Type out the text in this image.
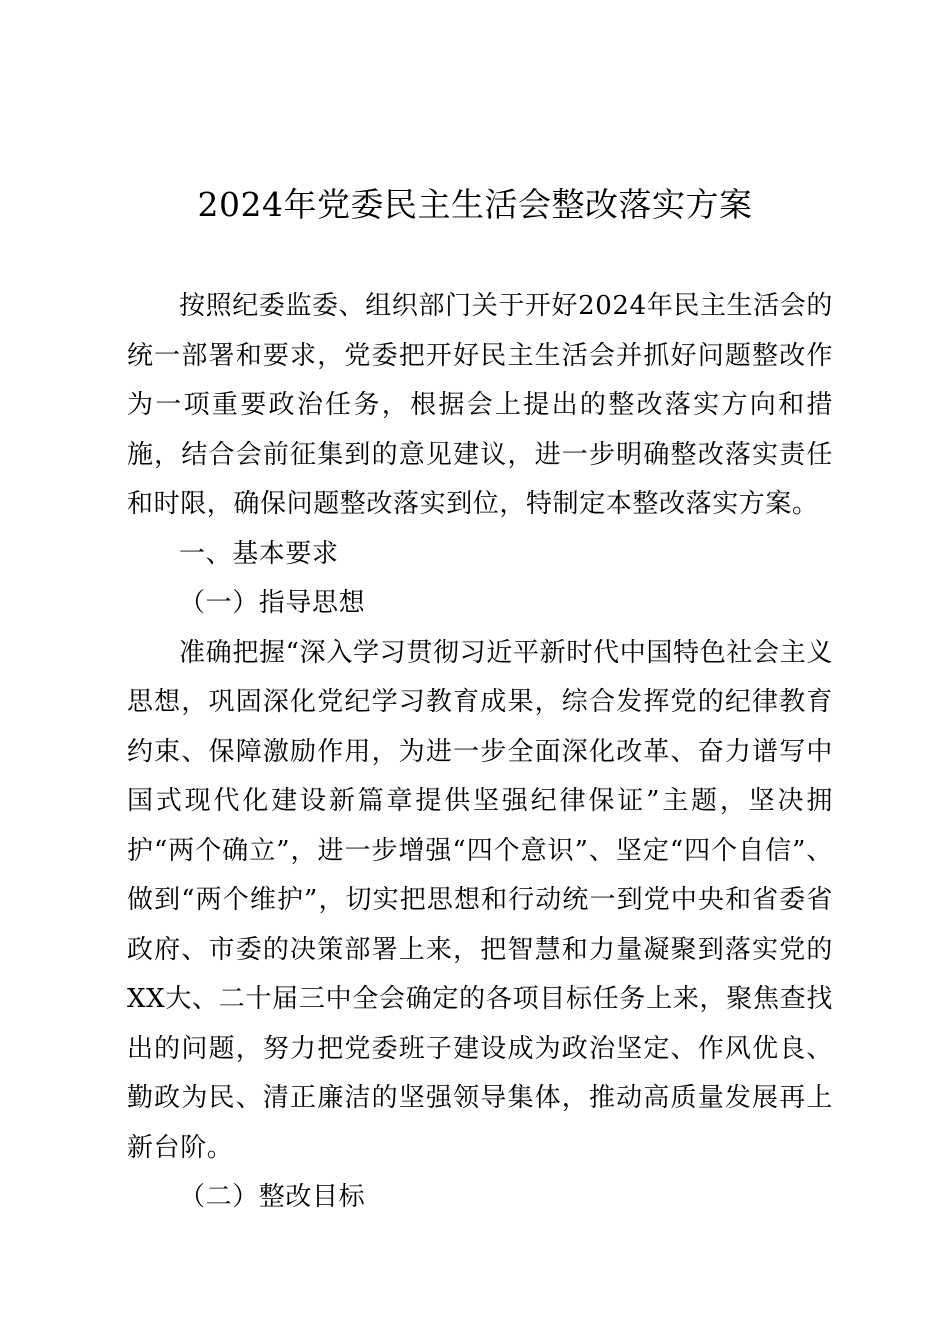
2024年党委民主生活会整改落实方案

按照纪委监委、组织部门关于开好2024年民主生活会的统一部署和要求，党委把开好民主生活会并抓好问题整改作为一项重要政治任务，根据会上提出的整改落实方向和措施，结合会前征集到的意见建议，进一步明确整改落实责任和时限，确保问题整改落实到位，特制定本整改落实方案。

一、基本要求

（一）指导思想

准确把握“深入学习贯彻习近平新时代中国特色社会主义思想，巩固深化党纪学习教育成果，综合发挥党的纪律教育约束、保障激励作用，为进一步全面深化改革、奋力谱写中国式现代化建设新篇章提供坚强纪律保证”主题，坚决拥护“两个确立”，进一步增强“四个意识”、坚定“四个自信”、做到“两个维护”，切实把思想和行动统一到党中央和省委省政府、市委的决策部署上来，把智慧和力量凝聚到落实党的XX大、二十届三中全会确定的各项目标任务上来，聚焦查找出的问题，努力把党委班子建设成为政治坚定、作风优良、勤政为民、清正廉洁的坚强领导集体，推动高质量发展再上新台阶。

（二）整改目标
